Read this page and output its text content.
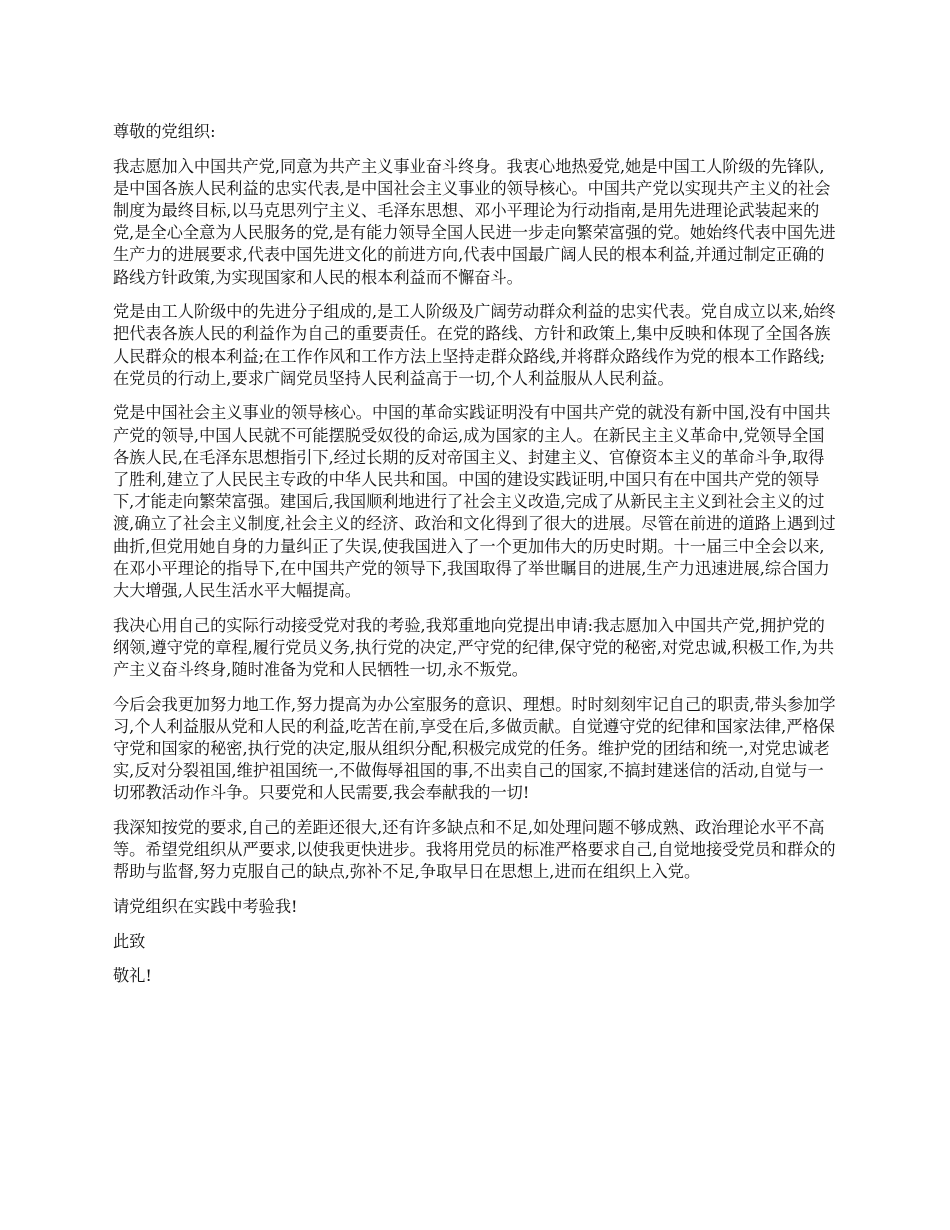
尊敬的党组织:

我志愿加入中国共产党,同意为共产主义事业奋斗终身。我衷心地热爱党,她是中国工人阶级的先锋队,是中国各族人民利益的忠实代表,是中国社会主义事业的领导核心。中国共产党以实现共产主义的社会制度为最终目标,以马克思列宁主义、毛泽东思想、邓小平理论为行动指南,是用先进理论武装起来的党,是全心全意为人民服务的党,是有能力领导全国人民进一步走向繁荣富强的党。她始终代表中国先进生产力的进展要求,代表中国先进文化的前进方向,代表中国最广阔人民的根本利益,并通过制定正确的路线方针政策,为实现国家和人民的根本利益而不懈奋斗。

党是由工人阶级中的先进分子组成的,是工人阶级及广阔劳动群众利益的忠实代表。党自成立以来,始终把代表各族人民的利益作为自己的重要责任。在党的路线、方针和政策上,集中反映和体现了全国各族人民群众的根本利益;在工作作风和工作方法上坚持走群众路线,并将群众路线作为党的根本工作路线;在党员的行动上,要求广阔党员坚持人民利益高于一切,个人利益服从人民利益。

党是中国社会主义事业的领导核心。中国的革命实践证明没有中国共产党的就没有新中国,没有中国共产党的领导,中国人民就不可能摆脱受奴役的命运,成为国家的主人。在新民主主义革命中,党领导全国各族人民,在毛泽东思想指引下,经过长期的反对帝国主义、封建主义、官僚资本主义的革命斗争,取得了胜利,建立了人民民主专政的中华人民共和国。中国的建设实践证明,中国只有在中国共产党的领导下,才能走向繁荣富强。建国后,我国顺利地进行了社会主义改造,完成了从新民主主义到社会主义的过渡,确立了社会主义制度,社会主义的经济、政治和文化得到了很大的进展。尽管在前进的道路上遇到过曲折,但党用她自身的力量纠正了失误,使我国进入了一个更加伟大的历史时期。十一届三中全会以来,在邓小平理论的指导下,在中国共产党的领导下,我国取得了举世瞩目的进展,生产力迅速进展,综合国力大大增强,人民生活水平大幅提高。

我决心用自己的实际行动接受党对我的考验,我郑重地向党提出申请:我志愿加入中国共产党,拥护党的纲领,遵守党的章程,履行党员义务,执行党的决定,严守党的纪律,保守党的秘密,对党忠诚,积极工作,为共产主义奋斗终身,随时准备为党和人民牺牲一切,永不叛党。

今后会我更加努力地工作,努力提高为办公室服务的意识、理想。时时刻刻牢记自己的职责,带头参加学习,个人利益服从党和人民的利益,吃苦在前,享受在后,多做贡献。自觉遵守党的纪律和国家法律,严格保守党和国家的秘密,执行党的决定,服从组织分配,积极完成党的任务。维护党的团结和统一,对党忠诚老实,反对分裂祖国,维护祖国统一,不做侮辱祖国的事,不出卖自己的国家,不搞封建迷信的活动,自觉与一切邪教活动作斗争。只要党和人民需要,我会奉献我的一切!

我深知按党的要求,自己的差距还很大,还有许多缺点和不足,如处理问题不够成熟、政治理论水平不高等。希望党组织从严要求,以使我更快进步。我将用党员的标准严格要求自己,自觉地接受党员和群众的帮助与监督,努力克服自己的缺点,弥补不足,争取早日在思想上,进而在组织上入党。

请党组织在实践中考验我!

此致

敬礼!
